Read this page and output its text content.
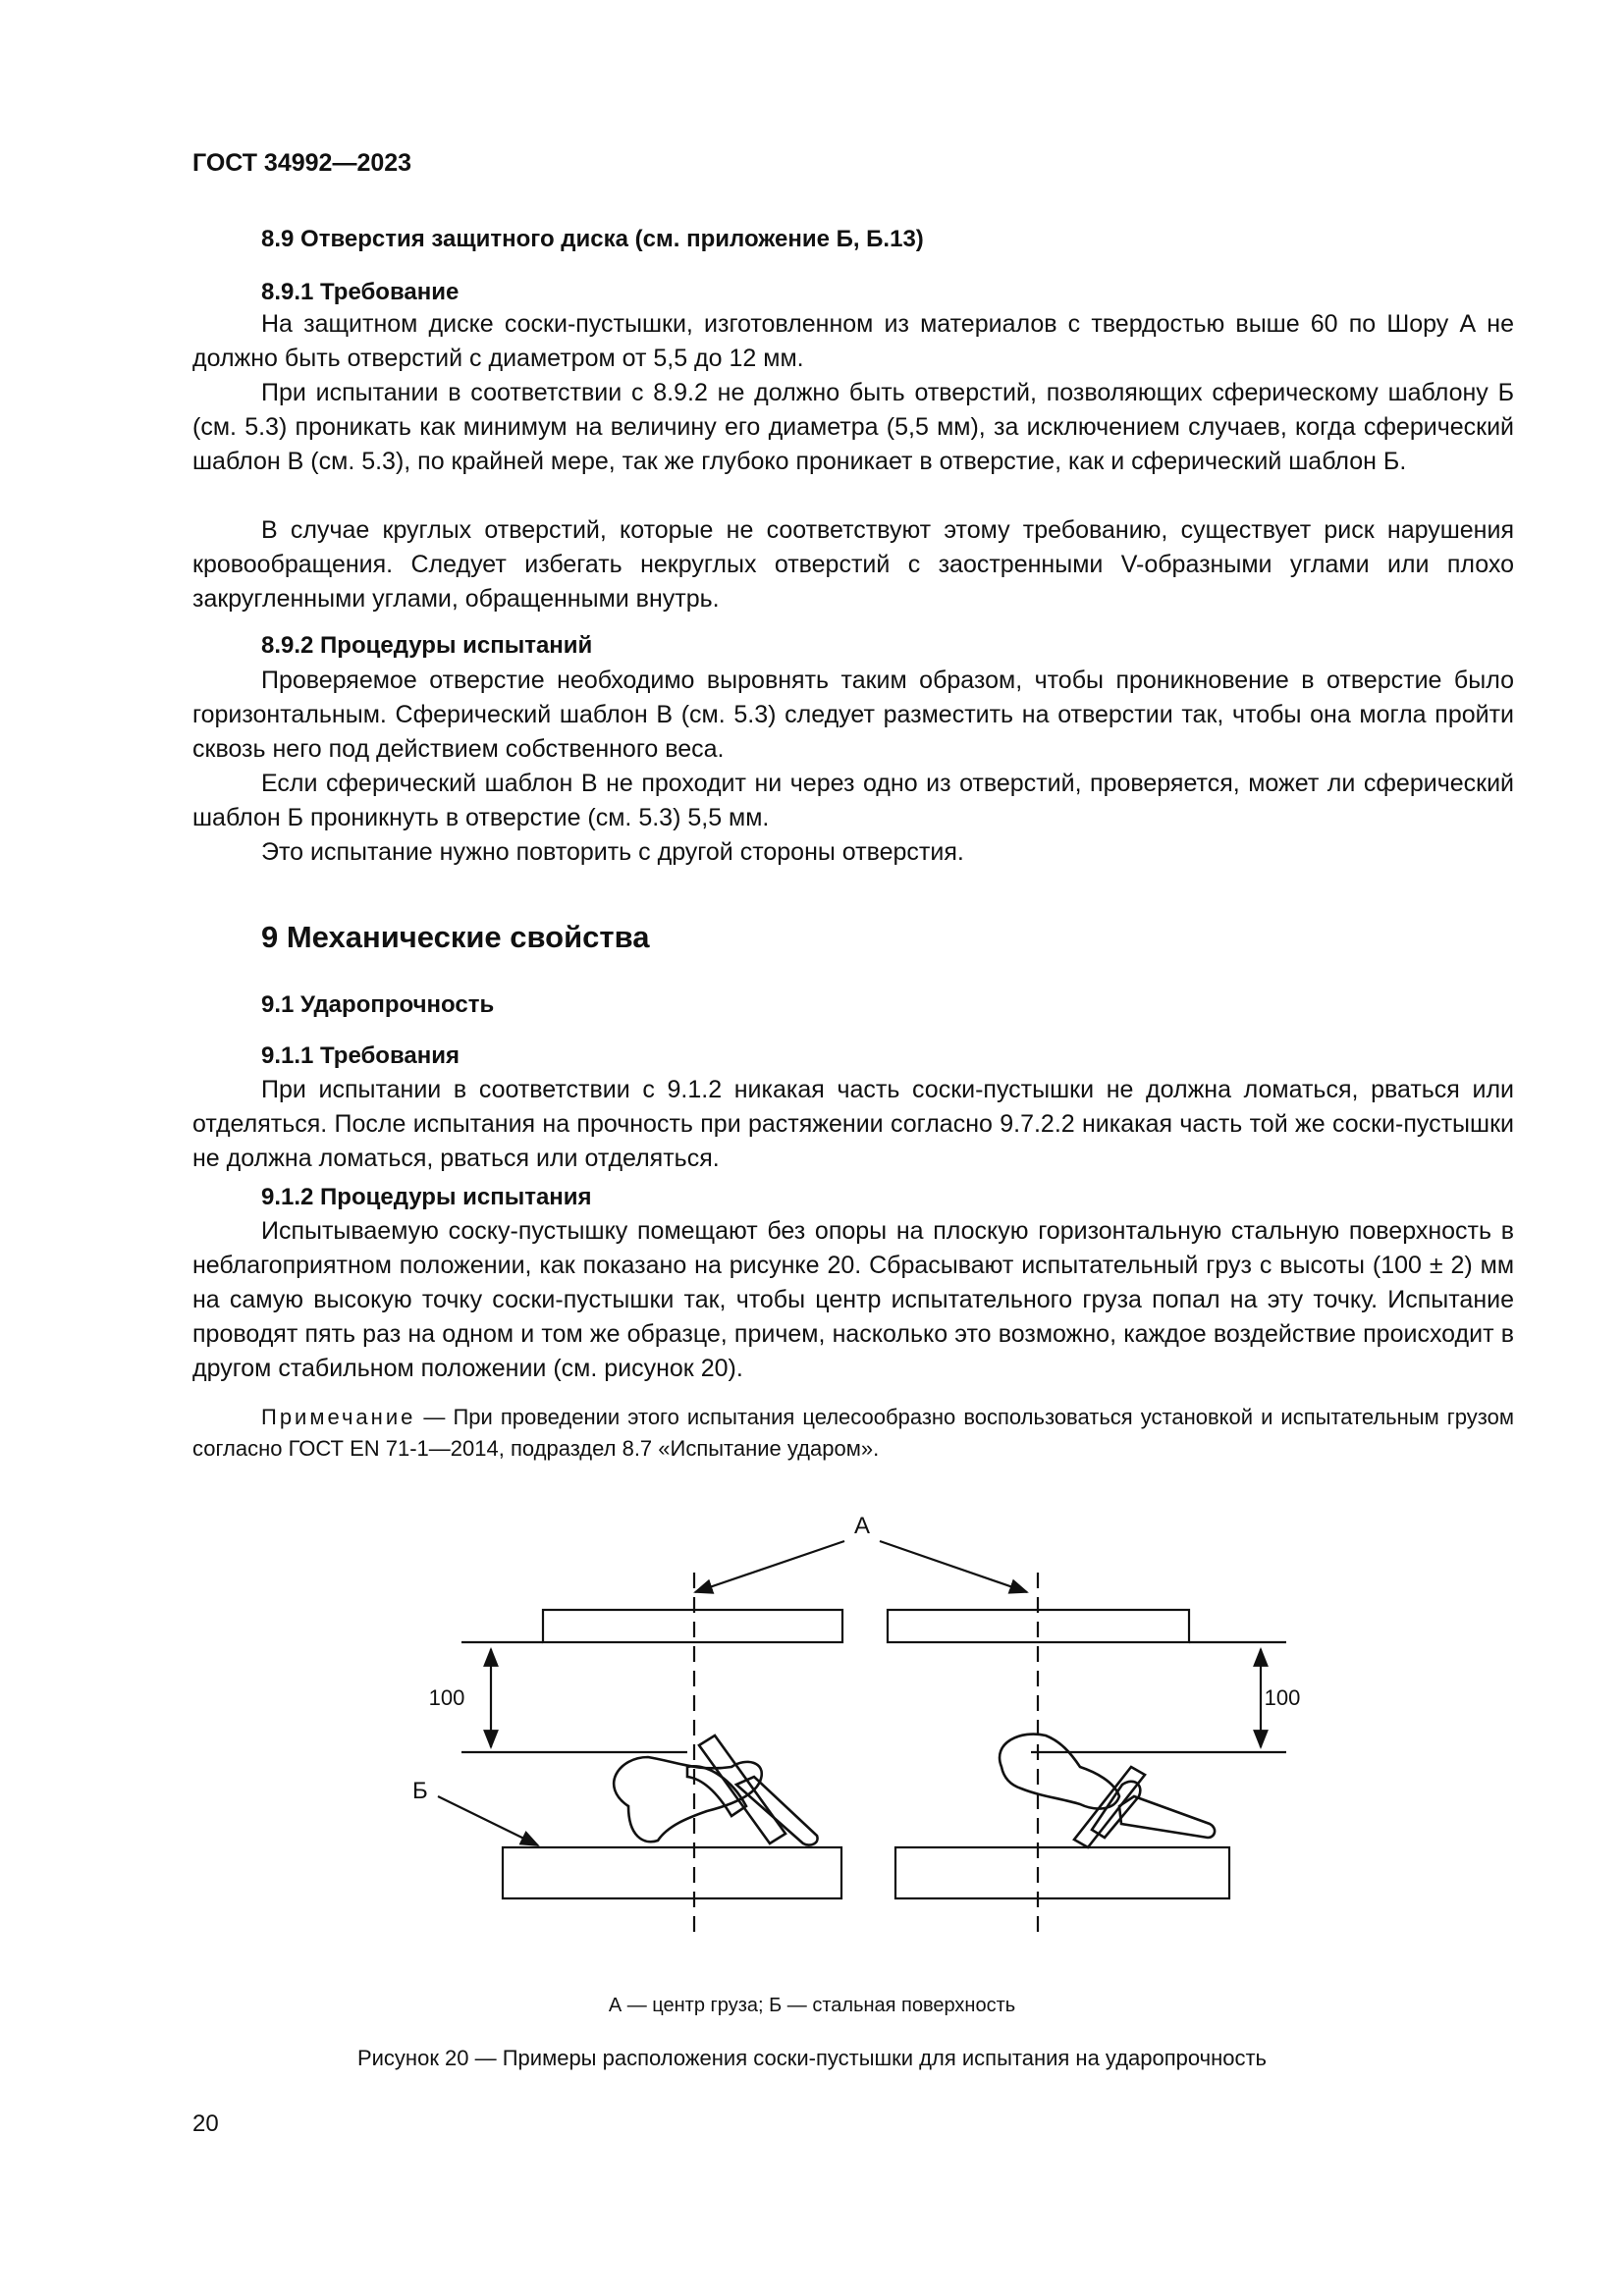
ГОСТ 34992—2023
8.9 Отверстия защитного диска (см. приложение Б, Б.13)
8.9.1 Требование

На защитном диске соски-пустышки, изготовленном из материалов с твердостью выше 60 по Шору А не должно быть отверстий с диаметром от 5,5 до 12 мм.

При испытании в соответствии с 8.9.2 не должно быть отверстий, позволяющих сферическому шаблону Б (см. 5.3) проникать как минимум на величину его диаметра (5,5 мм), за исключением случаев, когда сферический шаблон В (см. 5.3), по крайней мере, так же глубоко проникает в отверстие, как и сферический шаблон Б.

В случае круглых отверстий, которые не соответствуют этому требованию, существует риск нарушения кровообращения. Следует избегать некруглых отверстий с заостренными V-образными углами или плохо закругленными углами, обращенными внутрь.

8.9.2 Процедуры испытаний

Проверяемое отверстие необходимо выровнять таким образом, чтобы проникновение в отверстие было горизонтальным. Сферический шаблон В (см. 5.3) следует разместить на отверстии так, чтобы она могла пройти сквозь него под действием собственного веса.

Если сферический шаблон В не проходит ни через одно из отверстий, проверяется, может ли сферический шаблон Б проникнуть в отверстие (см. 5.3) 5,5 мм.

Это испытание нужно повторить с другой стороны отверстия.

9 Механические свойства
9.1 Ударопрочность
9.1.1 Требования

При испытании в соответствии с 9.1.2 никакая часть соски-пустышки не должна ломаться, рваться или отделяться. После испытания на прочность при растяжении согласно 9.7.2.2 никакая часть той же соски-пустышки не должна ломаться, рваться или отделяться.

9.1.2 Процедуры испытания

Испытываемую соску-пустышку помещают без опоры на плоскую горизонтальную стальную поверхность в неблагоприятном положении, как показано на рисунке 20. Сбрасывают испытательный груз с высоты (100 ± 2) мм на самую высокую точку соски-пустышки так, чтобы центр испытательного груза попал на эту точку. Испытание проводят пять раз на одном и том же образце, причем, насколько это возможно, каждое воздействие происходит в другом стабильном положении (см. рисунок 20).

Примечание — При проведении этого испытания целесообразно воспользоваться установкой и испытательным грузом согласно ГОСТ EN 71-1—2014, подраздел 8.7 «Испытание ударом».

А
Б
100	100
А — центр груза; Б — стальная поверхность
Рисунок 20 — Примеры расположения соски-пустышки для испытания на ударопрочность
20
